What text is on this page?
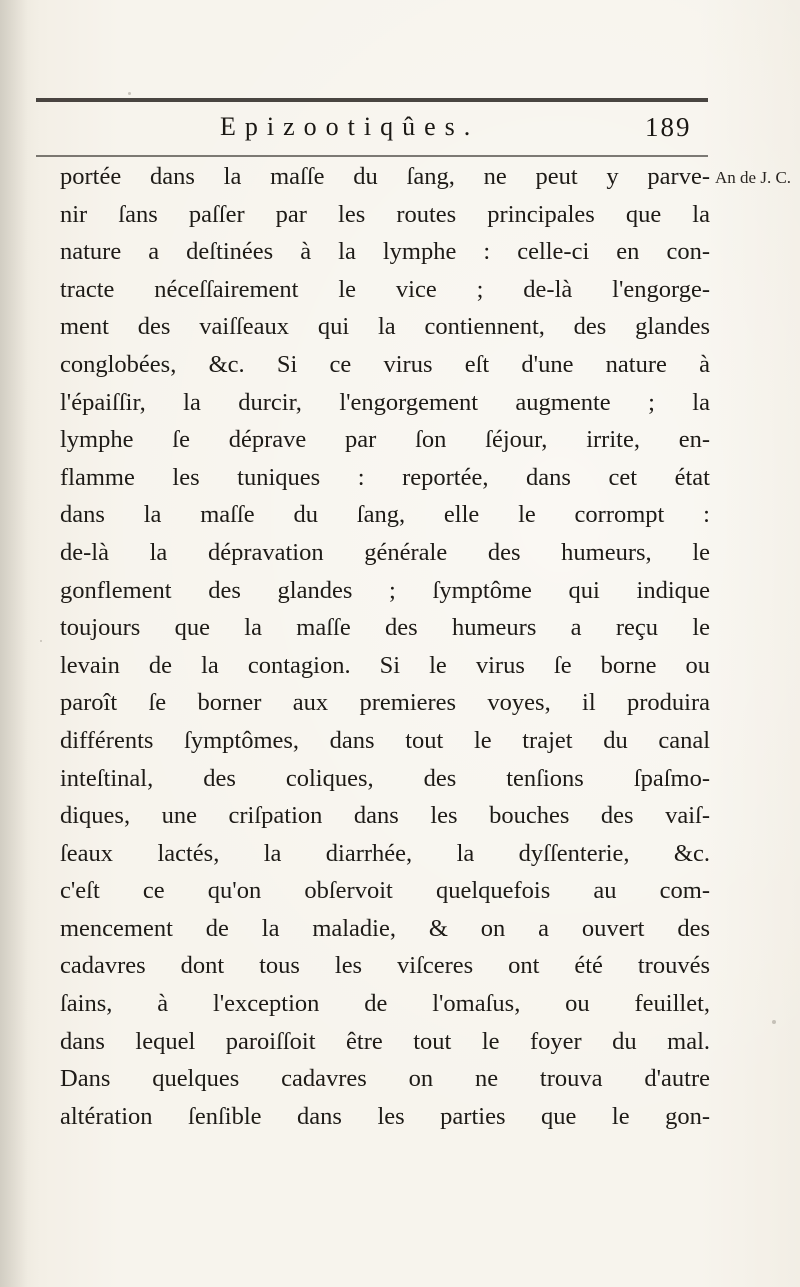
Epizootiqûes.	189
An de J. C.
portée dans la maſſe du ſang, ne peut y parve-
nir ſans paſſer par les routes principales que la
nature a deſtinées à la lymphe : celle-ci en con-
tracte néceſſairement le vice ; de-là l'engorge-
ment des vaiſſeaux qui la contiennent, des glandes
conglobées, &c. Si ce virus eſt d'une nature à
l'épaiſſir, la durcir, l'engorgement augmente ; la
lymphe ſe déprave par ſon ſéjour, irrite, en-
flamme les tuniques : reportée, dans cet état
dans la maſſe du ſang, elle le corrompt :
de-là la dépravation générale des humeurs, le
gonflement des glandes ; ſymptôme qui indique
toujours que la maſſe des humeurs a reçu le
levain de la contagion. Si le virus ſe borne ou
paroît ſe borner aux premieres voyes, il produira
différents ſymptômes, dans tout le trajet du canal
inteſtinal, des coliques, des tenſions ſpaſmo-
diques, une criſpation dans les bouches des vaiſ-
ſeaux lactés, la diarrhée, la dyſſenterie, &c.
c'eſt ce qu'on obſervoit quelquefois au com-
mencement de la maladie, & on a ouvert des
cadavres dont tous les viſceres ont été trouvés
ſains, à l'exception de l'omaſus, ou feuillet,
dans lequel paroiſſoit être tout le foyer du mal.
Dans quelques cadavres on ne trouva d'autre
altération ſenſible dans les parties que le gon-
